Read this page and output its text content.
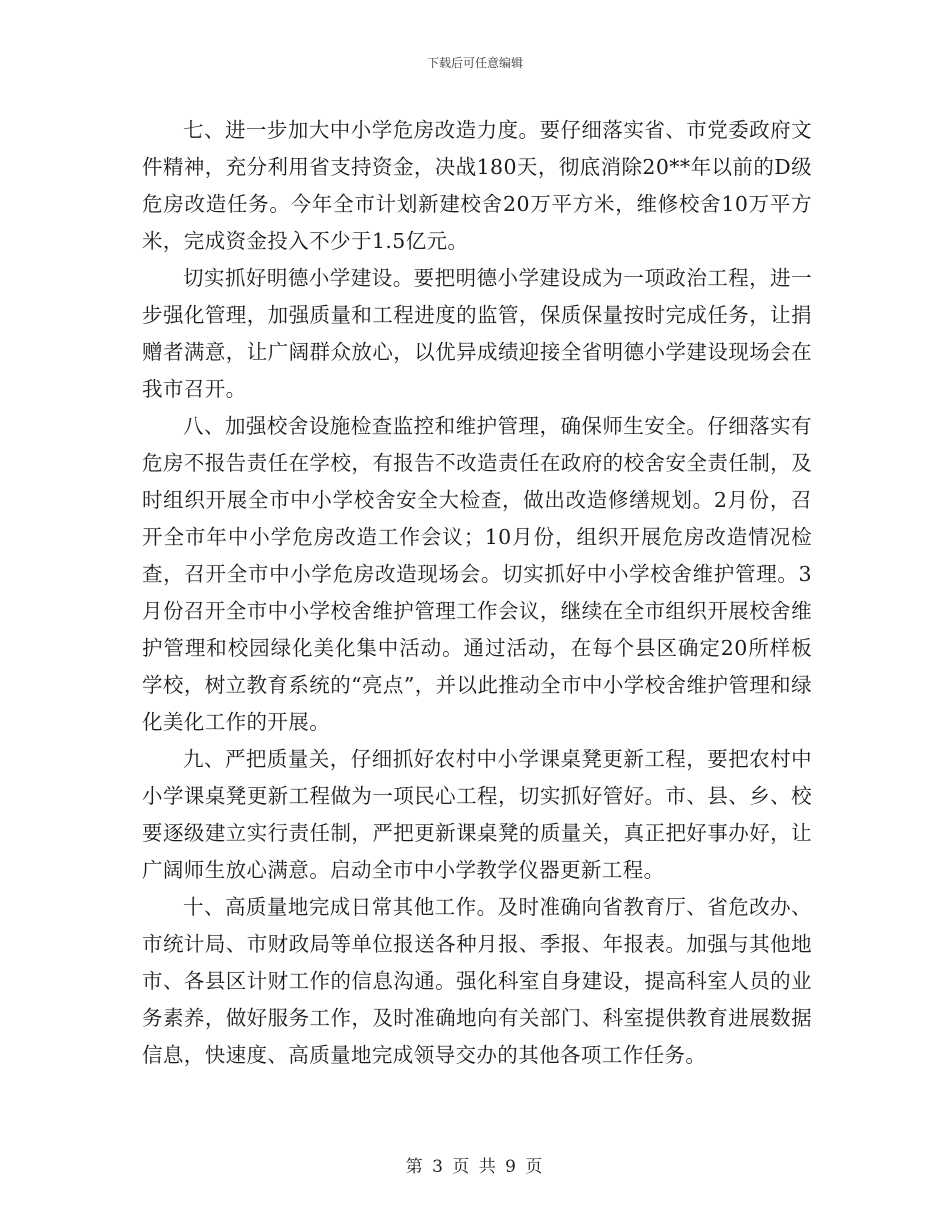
下载后可任意编辑

七、进一步加大中小学危房改造力度。要仔细落实省、市党委政府文件精神，充分利用省支持资金，决战180天，彻底消除20**年以前的D级危房改造任务。今年全市计划新建校舍20万平方米，维修校舍10万平方米，完成资金投入不少于1.5亿元。

切实抓好明德小学建设。要把明德小学建设成为一项政治工程，进一步强化管理，加强质量和工程进度的监管，保质保量按时完成任务，让捐赠者满意，让广阔群众放心，以优异成绩迎接全省明德小学建设现场会在我市召开。

八、加强校舍设施检查监控和维护管理，确保师生安全。仔细落实有危房不报告责任在学校，有报告不改造责任在政府的校舍安全责任制，及时组织开展全市中小学校舍安全大检查，做出改造修缮规划。2月份，召开全市年中小学危房改造工作会议；10月份，组织开展危房改造情况检查，召开全市中小学危房改造现场会。切实抓好中小学校舍维护管理。3月份召开全市中小学校舍维护管理工作会议，继续在全市组织开展校舍维护管理和校园绿化美化集中活动。通过活动，在每个县区确定20所样板学校，树立教育系统的“亮点”，并以此推动全市中小学校舍维护管理和绿化美化工作的开展。

九、严把质量关，仔细抓好农村中小学课桌凳更新工程，要把农村中小学课桌凳更新工程做为一项民心工程，切实抓好管好。市、县、乡、校要逐级建立实行责任制，严把更新课桌凳的质量关，真正把好事办好，让广阔师生放心满意。启动全市中小学教学仪器更新工程。

十、高质量地完成日常其他工作。及时准确向省教育厅、省危改办、市统计局、市财政局等单位报送各种月报、季报、年报表。加强与其他地市、各县区计财工作的信息沟通。强化科室自身建设，提高科室人员的业务素养，做好服务工作，及时准确地向有关部门、科室提供教育进展数据信息，快速度、高质量地完成领导交办的其他各项工作任务。

第 3 页 共 9 页
